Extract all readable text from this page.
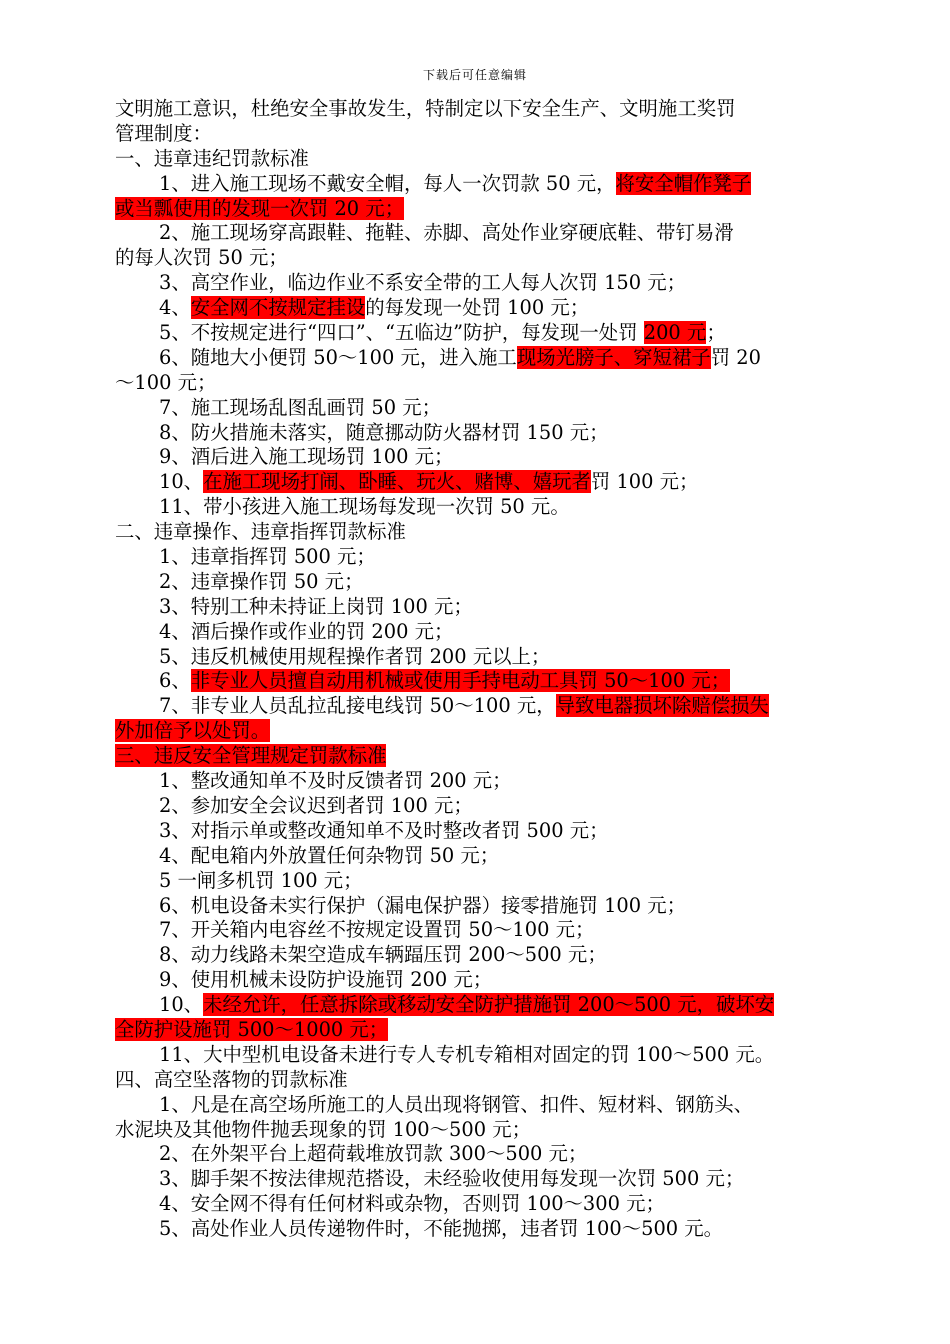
下载后可任意编辑
文明施工意识，杜绝安全事故发生，特制定以下安全生产、文明施工奖罚
管理制度：
一、违章违纪罚款标准
1、进入施工现场不戴安全帽，每人一次罚款 50 元，将安全帽作凳子
或当瓢使用的发现一次罚 20 元；
2、施工现场穿高跟鞋、拖鞋、赤脚、高处作业穿硬底鞋、带钉易滑
的每人次罚 50 元；
3、高空作业，临边作业不系安全带的工人每人次罚 150 元；
4、安全网不按规定挂设的每发现一处罚 100 元；
5、不按规定进行“四口”、“五临边”防护，每发现一处罚 200 元；
6、随地大小便罚 50～100 元，进入施工现场光膀子、穿短裙子罚 20
～100 元；
7、施工现场乱图乱画罚 50 元；
8、防火措施未落实，随意挪动防火器材罚 150 元；
9、酒后进入施工现场罚 100 元；
10、在施工现场打闹、卧睡、玩火、赌博、嬉玩者罚 100 元；
11、带小孩进入施工现场每发现一次罚 50 元。
二、违章操作、违章指挥罚款标准
1、违章指挥罚 500 元；
2、违章操作罚 50 元；
3、特别工种未持证上岗罚 100 元；
4、酒后操作或作业的罚 200 元；
5、违反机械使用规程操作者罚 200 元以上；
6、非专业人员擅自动用机械或使用手持电动工具罚 50～100 元；
7、非专业人员乱拉乱接电线罚 50～100 元，导致电器损坏除赔偿损失
外加倍予以处罚。
三、违反安全管理规定罚款标准
1、整改通知单不及时反馈者罚 200 元；
2、参加安全会议迟到者罚 100 元；
3、对指示单或整改通知单不及时整改者罚 500 元；
4、配电箱内外放置任何杂物罚 50 元；
5 一闸多机罚 100 元；
6、机电设备未实行保护（漏电保护器）接零措施罚 100 元；
7、开关箱内电容丝不按规定设置罚 50～100 元；
8、动力线路未架空造成车辆踾压罚 200～500 元；
9、使用机械未设防护设施罚 200 元；
10、未经允许，任意拆除或移动安全防护措施罚 200～500 元，破坏安
全防护设施罚 500～1000 元；
11、大中型机电设备未进行专人专机专箱相对固定的罚 100～500 元。
四、高空坠落物的罚款标准
1、凡是在高空场所施工的人员出现将钢管、扣件、短材料、钢筋头、
水泥块及其他物件抛丢现象的罚 100～500 元；
2、在外架平台上超荷载堆放罚款 300～500 元；
3、脚手架不按法律规范搭设，未经验收使用每发现一次罚 500 元；
4、安全网不得有任何材料或杂物，否则罚 100～300 元；
5、高处作业人员传递物件时，不能抛掷，违者罚 100～500 元。
